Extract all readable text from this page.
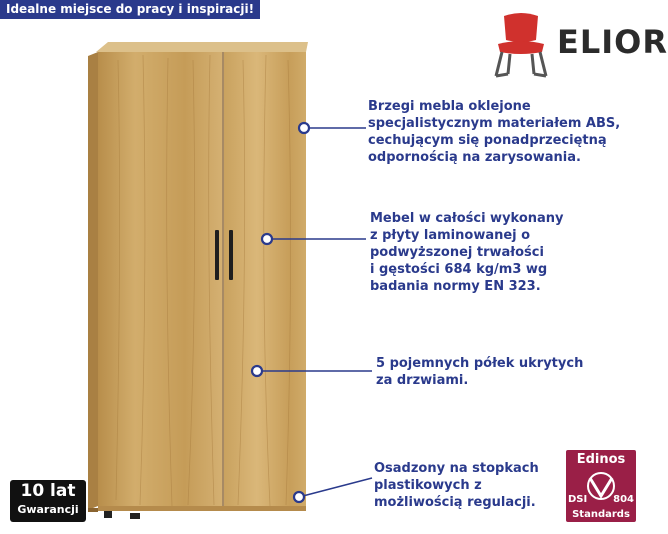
Idealne miejsce do pracy i inspiracji!
ELIOR
Brzegi mebla oklejone
specjalistycznym materiałem ABS,
cechującym się ponadprzeciętną
odpornością na zarysowania.
Mebel w całości wykonany
z płyty laminowanej o
podwyższonej trwałości
i gęstości 684 kg/m3 wg
badania normy EN 323.
5 pojemnych półek ukrytych
za drzwiami.
Osadzony na stopkach
plastikowych z
możliwością regulacji.
10 lat
Gwarancji
Edinos
DSI	804
Standards
